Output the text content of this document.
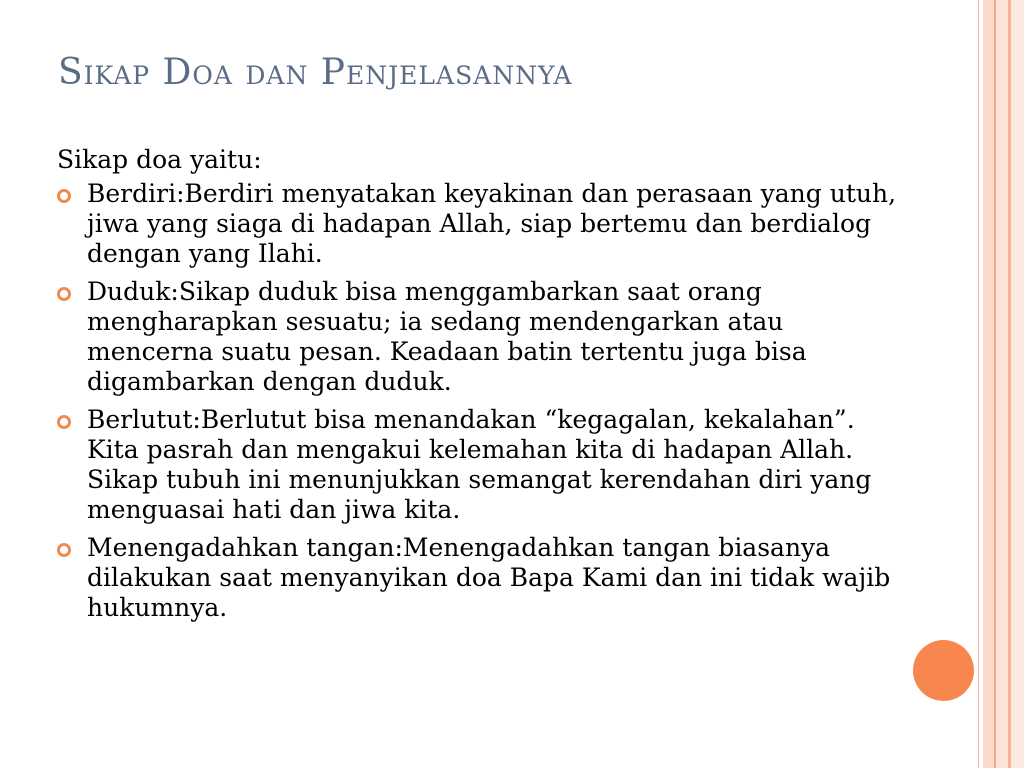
Sikap Doa dan Penjelasannya

Sikap doa yaitu:

Berdiri:Berdiri menyatakan keyakinan dan perasaan yang utuh, jiwa yang siaga di hadapan Allah, siap bertemu dan berdialog dengan yang Ilahi.
Duduk:Sikap duduk bisa menggambarkan saat orang mengharapkan sesuatu; ia sedang mendengarkan atau mencerna suatu pesan. Keadaan batin tertentu juga bisa digambarkan dengan duduk.
Berlutut:Berlutut bisa menandakan “kegagalan, kekalahan”. Kita pasrah dan mengakui kelemahan kita di hadapan Allah. Sikap tubuh ini menunjukkan semangat kerendahan diri yang menguasai hati dan jiwa kita.
Menengadahkan tangan:Menengadahkan tangan biasanya dilakukan saat menyanyikan doa Bapa Kami dan ini tidak wajib hukumnya.
